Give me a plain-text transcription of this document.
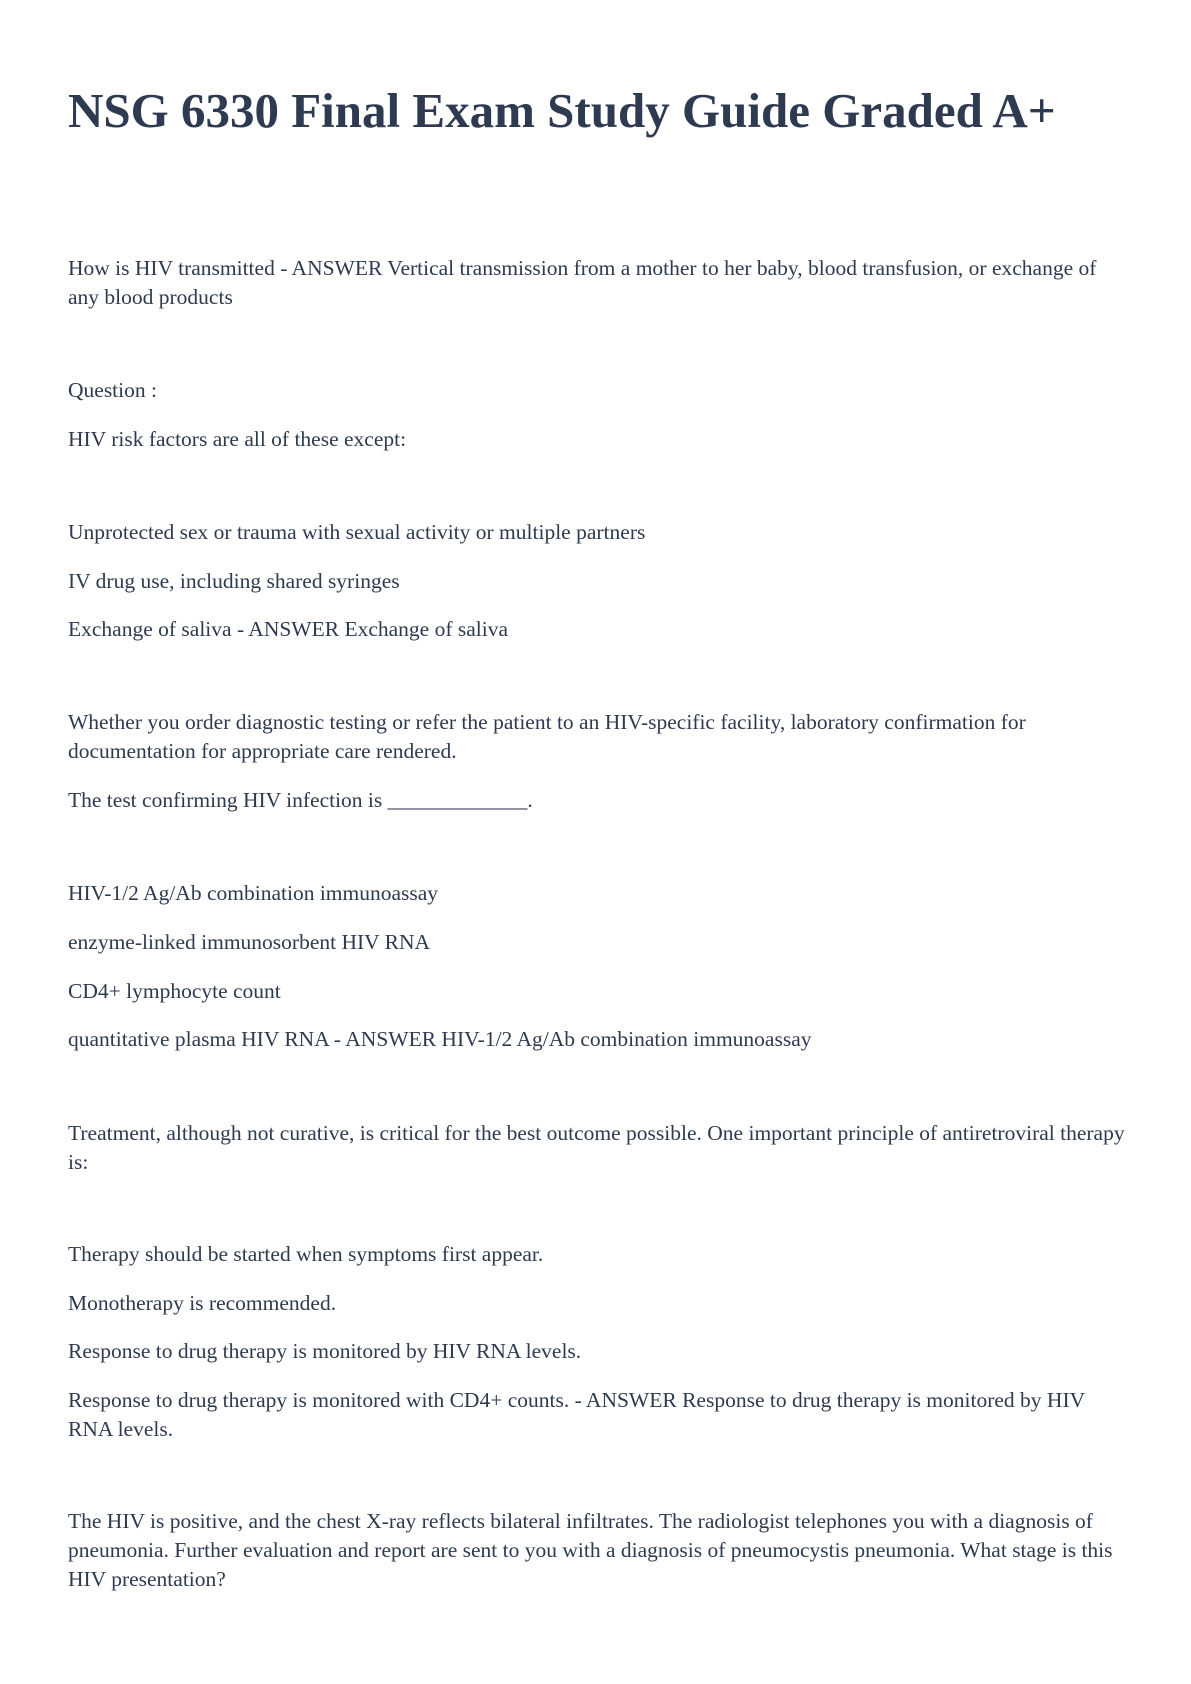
NSG 6330 Final Exam Study Guide Graded A+

How is HIV transmitted - ANSWER Vertical transmission from a mother to her baby, blood transfusion, or exchange of any blood products

Question :

HIV risk factors are all of these except:

Unprotected sex or trauma with sexual activity or multiple partners

IV drug use, including shared syringes

Exchange of saliva - ANSWER Exchange of saliva

Whether you order diagnostic testing or refer the patient to an HIV-specific facility, laboratory confirmation for documentation for appropriate care rendered.

The test confirming HIV infection is _____________.

HIV-1/2 Ag/Ab combination immunoassay

enzyme-linked immunosorbent HIV RNA

CD4+ lymphocyte count

quantitative plasma HIV RNA - ANSWER HIV-1/2 Ag/Ab combination immunoassay

Treatment, although not curative, is critical for the best outcome possible. One important principle of antiretroviral therapy is:

Therapy should be started when symptoms first appear.

Monotherapy is recommended.

Response to drug therapy is monitored by HIV RNA levels.

Response to drug therapy is monitored with CD4+ counts. - ANSWER Response to drug therapy is monitored by HIV RNA levels.

The HIV is positive, and the chest X-ray reflects bilateral infiltrates. The radiologist telephones you with a diagnosis of pneumonia. Further evaluation and report are sent to you with a diagnosis of pneumocystis pneumonia. What stage is this HIV presentation?
